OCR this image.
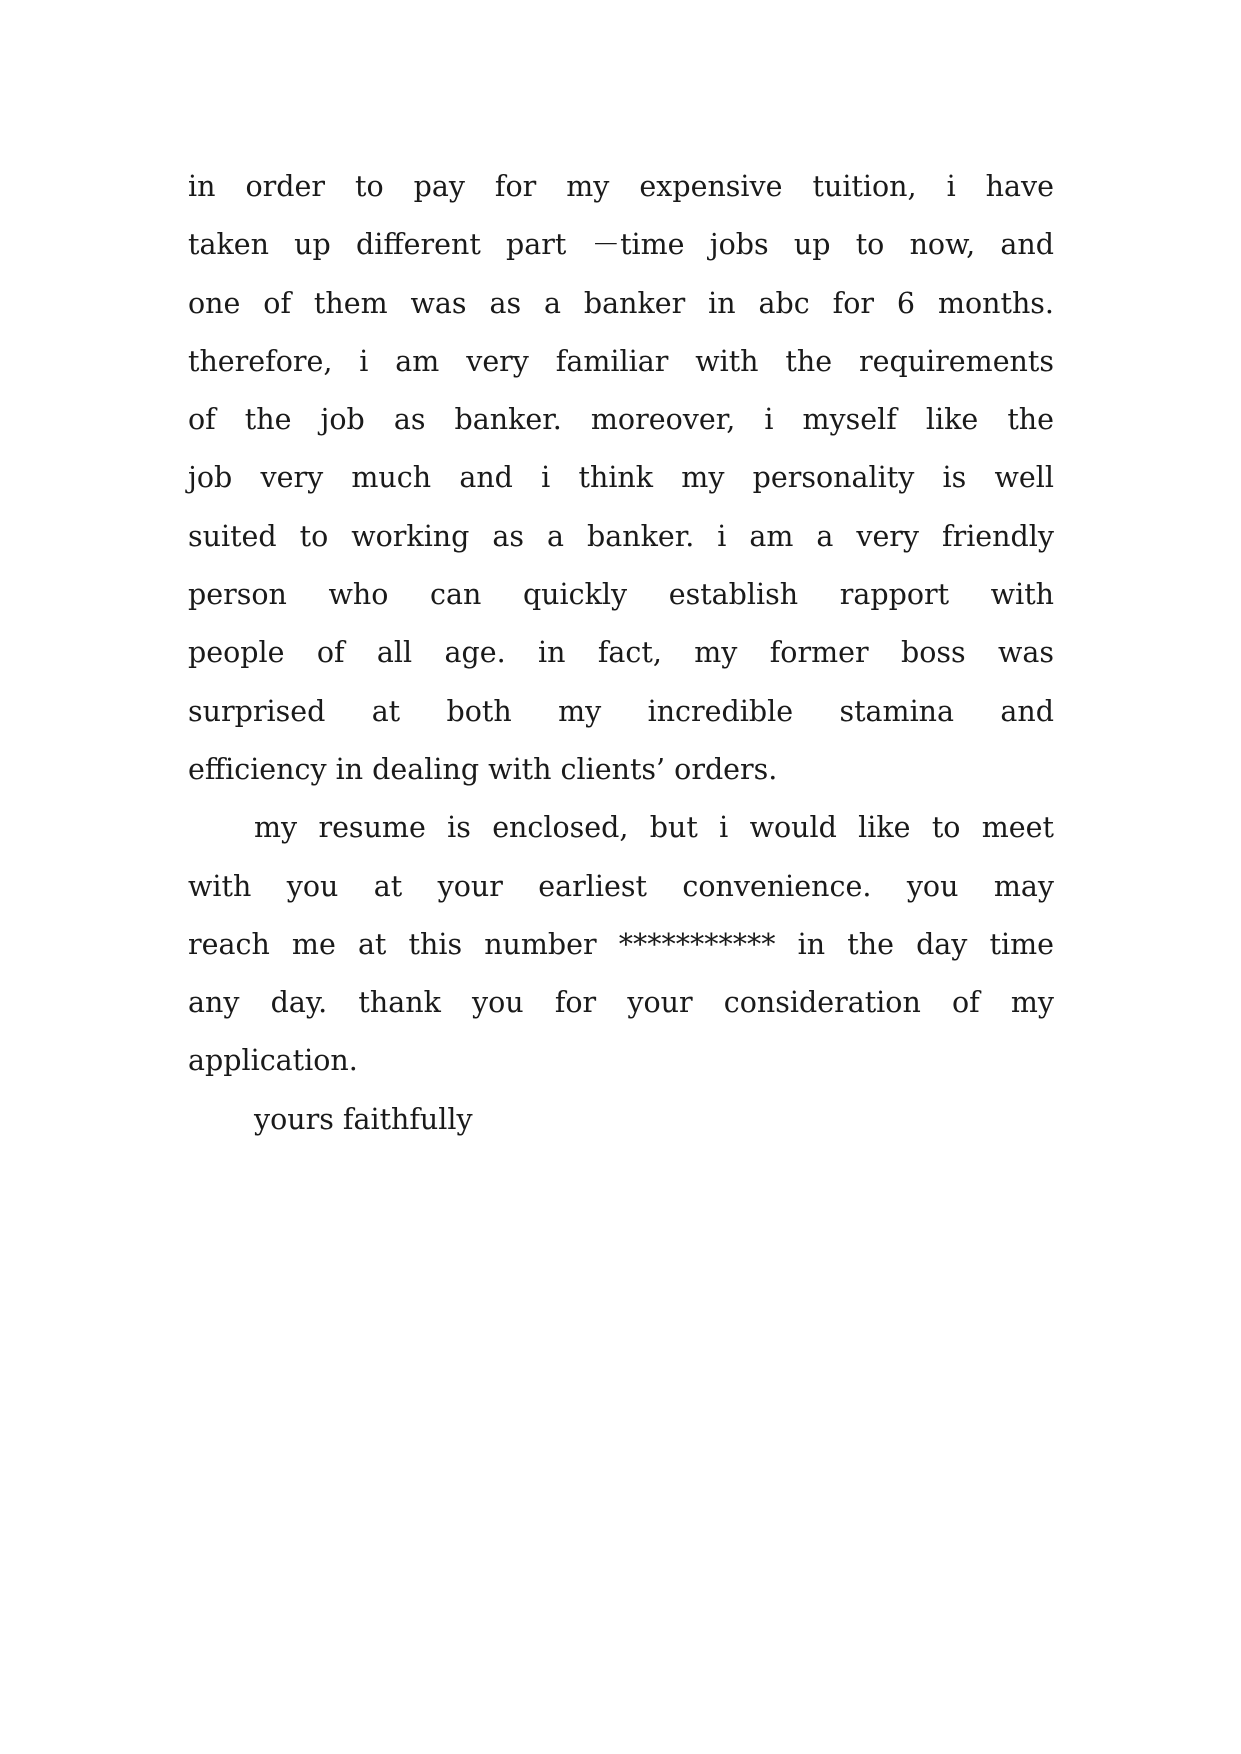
in order to pay for my expensive tuition, i have
taken up different part －time jobs up to now, and
one of them was as a banker in abc for 6 months.
therefore, i am very familiar with the requirements
of the job as banker. moreover, i myself like the
job very much and i think my personality is well
suited to working as a banker. i am a very friendly
person who can quickly establish rapport with
people of all age. in fact, my former boss was
surprised at both my incredible stamina and
efficiency in dealing with clients’ orders.
my resume is enclosed, but i would like to meet
with you at your earliest convenience. you may
reach me at this number *********** in the day time
any day. thank you for your consideration of my
application.
yours faithfully
